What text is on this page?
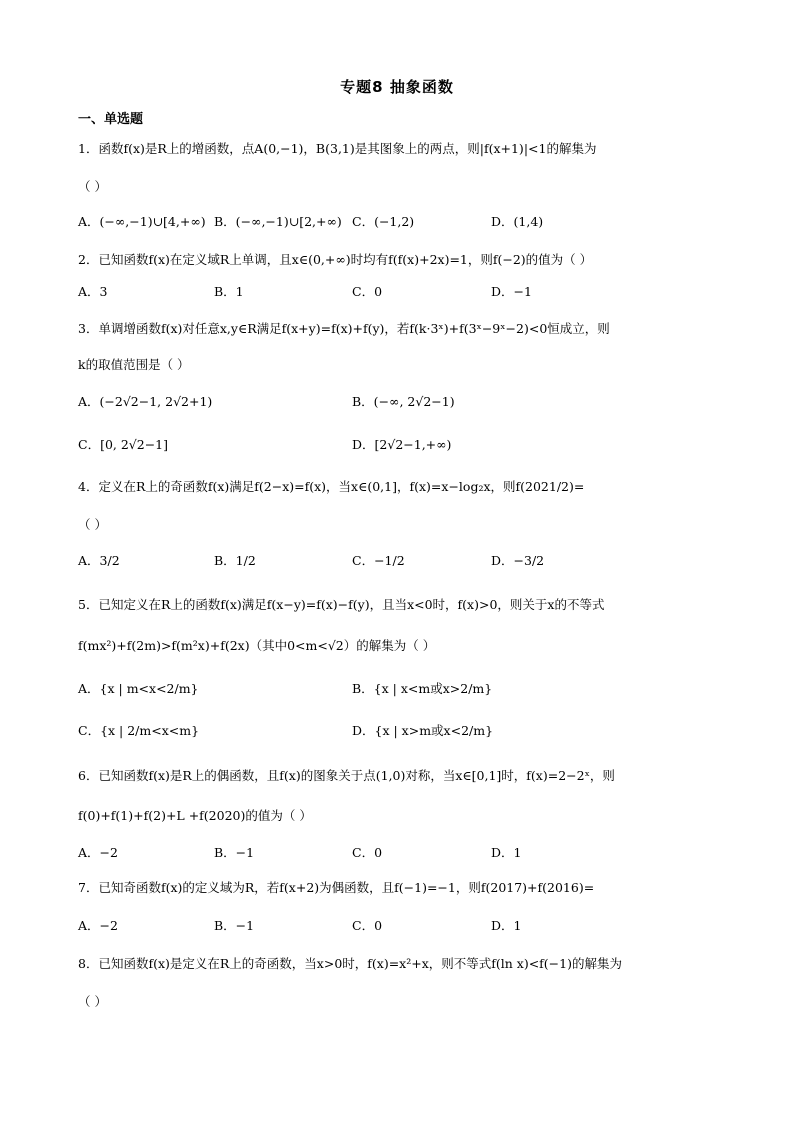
专题8 抽象函数
一、单选题
1．函数f(x)是R上的增函数，点A(0,−1)，B(3,1)是其图象上的两点，则|f(x+1)|<1的解集为
（ ）
A．(−∞,−1)∪[4,+∞) B．(−∞,−1)∪[2,+∞) C．(−1,2)	D．(1,4)
2．已知函数f(x)在定义域R上单调，且x∈(0,+∞)时均有f(f(x)+2x)=1，则f(−2)的值为（ ）
A．3	B．1	C．0	D．−1
3．单调增函数f(x)对任意x,y∈R满足f(x+y)=f(x)+f(y)，若f(k·3ˣ)+f(3ˣ−9ˣ−2)<0恒成立，则
k的取值范围是（ ）
A．(−2√2−1, 2√2+1)	B．(−∞, 2√2−1)
C．[0, 2√2−1]	D．[2√2−1,+∞)
4．定义在R上的奇函数f(x)满足f(2−x)=f(x)，当x∈(0,1]，f(x)=x−log₂x，则f(2021/2)=
（ ）
A．3/2	B．1/2	C．−1/2	D．−3/2
5．已知定义在R上的函数f(x)满足f(x−y)=f(x)−f(y)，且当x<0时，f(x)>0，则关于x的不等式
f(mx²)+f(2m)>f(m²x)+f(2x)（其中0<m<√2）的解集为（ ）
A．{x | m<x<2/m}	B．{x | x<m或x>2/m}
C．{x | 2/m<x<m}	D．{x | x>m或x<2/m}
6．已知函数f(x)是R上的偶函数，且f(x)的图象关于点(1,0)对称，当x∈[0,1]时，f(x)=2−2ˣ，则
f(0)+f(1)+f(2)+L +f(2020)的值为（ ）
A．−2	B．−1	C．0	D．1
7．已知奇函数f(x)的定义域为R，若f(x+2)为偶函数，且f(−1)=−1，则f(2017)+f(2016)=
A．−2	B．−1	C．0	D．1
8．已知函数f(x)是定义在R上的奇函数，当x>0时，f(x)=x²+x，则不等式f(ln x)<f(−1)的解集为
（ ）
